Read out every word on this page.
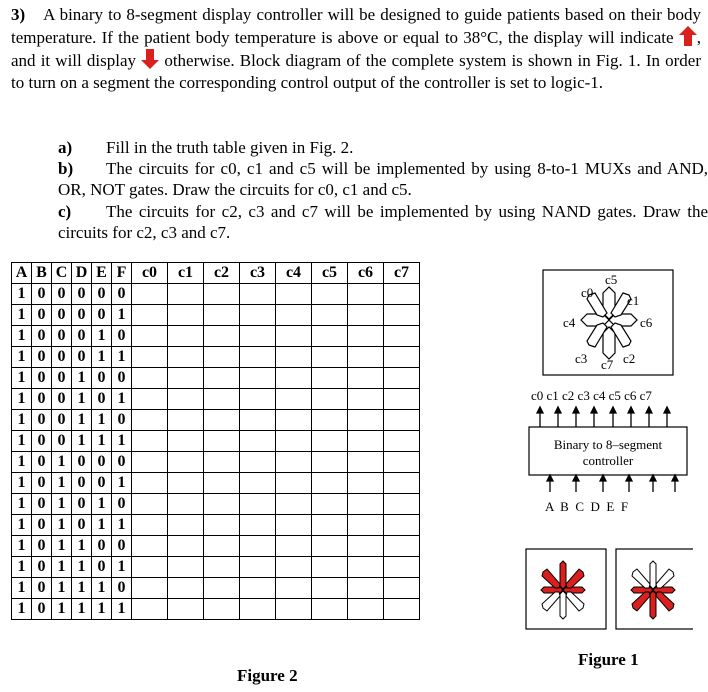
3) A binary to 8-segment display controller will be designed to guide patients based on their body temperature. If the patient body temperature is above or equal to 38°C, the display will indicate , and it will display otherwise. Block diagram of the complete system is shown in Fig. 1. In order to turn on a segment the corresponding control output of the controller is set to logic-1.
a) Fill in the truth table given in Fig. 2.
b) The circuits for c0, c1 and c5 will be implemented by using 8-to-1 MUXs and AND, OR, NOT gates. Draw the circuits for c0, c1 and c5.
c) The circuits for c2, c3 and c7 will be implemented by using NAND gates. Draw the circuits for c2, c3 and c7.
A	B	C	D	E	F	c0	c1	c2	c3	c4	c5	c6	c7
1	0	0	0	0	0								
1	0	0	0	0	1								
1	0	0	0	1	0								
1	0	0	0	1	1								
1	0	0	1	0	0								
1	0	0	1	0	1								
1	0	0	1	1	0								
1	0	0	1	1	1								
1	0	1	0	0	0								
1	0	1	0	0	1								
1	0	1	0	1	0								
1	0	1	0	1	1								
1	0	1	1	0	0								
1	0	1	1	0	1								
1	0	1	1	1	0								
1	0	1	1	1	1								
Figure 2
c5
c0
c1
c4	c6
c3 c7 c2
c0 c1 c2 c3 c4 c5 c6 c7
Binary to 8–segment controller
A  B  C  D  E  F
Figure 1
